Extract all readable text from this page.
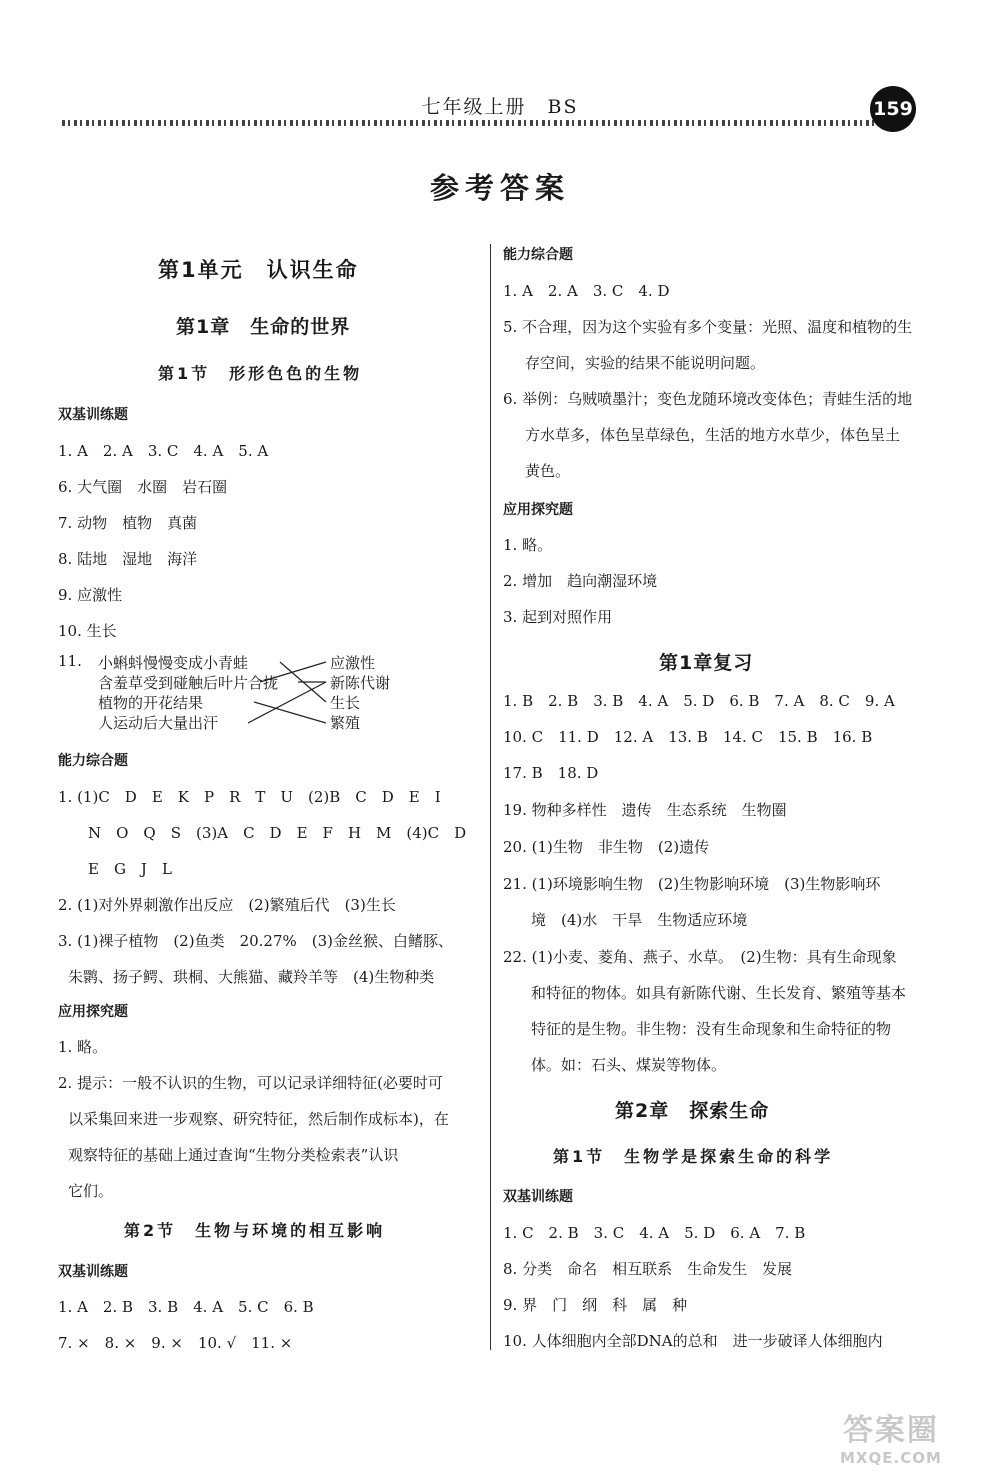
七年级上册　BS	159
参考答案
第1单元　认识生命
第1章　生命的世界
第1节　形形色色的生物
双基训练题
1. A　2. A　3. C　4. A　5. A
6. 大气圈　水圈　岩石圈
7. 动物　植物　真菌
8. 陆地　湿地　海洋
9. 应激性
10. 生长
11. 小蝌蚪慢慢变成小青蛙
含羞草受到碰触后叶片合拢
植物的开花结果
人运动后大量出汗
应激性
新陈代谢
生长
繁殖
能力综合题
1. (1)C　D　E　K　P　R　T　U　(2)B　C　D　E　I
N　O　Q　S　(3)A　C　D　E　F　H　M　(4)C　D
E　G　J　L
2. (1)对外界刺激作出反应　(2)繁殖后代　(3)生长
3. (1)裸子植物　(2)鱼类　20.27%　(3)金丝猴、白鳍豚、
朱鹮、扬子鳄、珙桐、大熊猫、藏羚羊等　(4)生物种类
应用探究题
1. 略。
2. 提示：一般不认识的生物，可以记录详细特征(必要时可
以采集回来进一步观察、研究特征，然后制作成标本)，在
观察特征的基础上通过查询“生物分类检索表”认识
它们。
第2节　生物与环境的相互影响
双基训练题
1. A　2. B　3. B　4. A　5. C　6. B
7. ×　8. ×　9. ×　10. √　11. ×
能力综合题
1. A　2. A　3. C　4. D
5. 不合理，因为这个实验有多个变量：光照、温度和植物的生
存空间，实验的结果不能说明问题。
6. 举例：乌贼喷墨汁；变色龙随环境改变体色；青蛙生活的地
方水草多，体色呈草绿色，生活的地方水草少，体色呈土
黄色。
应用探究题
1. 略。
2. 增加　趋向潮湿环境
3. 起到对照作用
第1章复习
1. B　2. B　3. B　4. A　5. D　6. B　7. A　8. C　9. A
10. C　11. D　12. A　13. B　14. C　15. B　16. B
17. B　18. D
19. 物种多样性　遗传　生态系统　生物圈
20. (1)生物　非生物　(2)遗传
21. (1)环境影响生物　(2)生物影响环境　(3)生物影响环
境　(4)水　干旱　生物适应环境
22. (1)小麦、菱角、燕子、水草。　(2)生物：具有生命现象
和特征的物体。如具有新陈代谢、生长发育、繁殖等基本
特征的是生物。非生物：没有生命现象和生命特征的物
体。如：石头、煤炭等物体。
第2章　探索生命
第1节　生物学是探索生命的科学
双基训练题
1. C　2. B　3. C　4. A　5. D　6. A　7. B
8. 分类　命名　相互联系　生命发生　发展
9. 界　门　纲　科　属　种
10. 人体细胞内全部DNA的总和　进一步破译人体细胞内
答案圈
MXQE.COM
